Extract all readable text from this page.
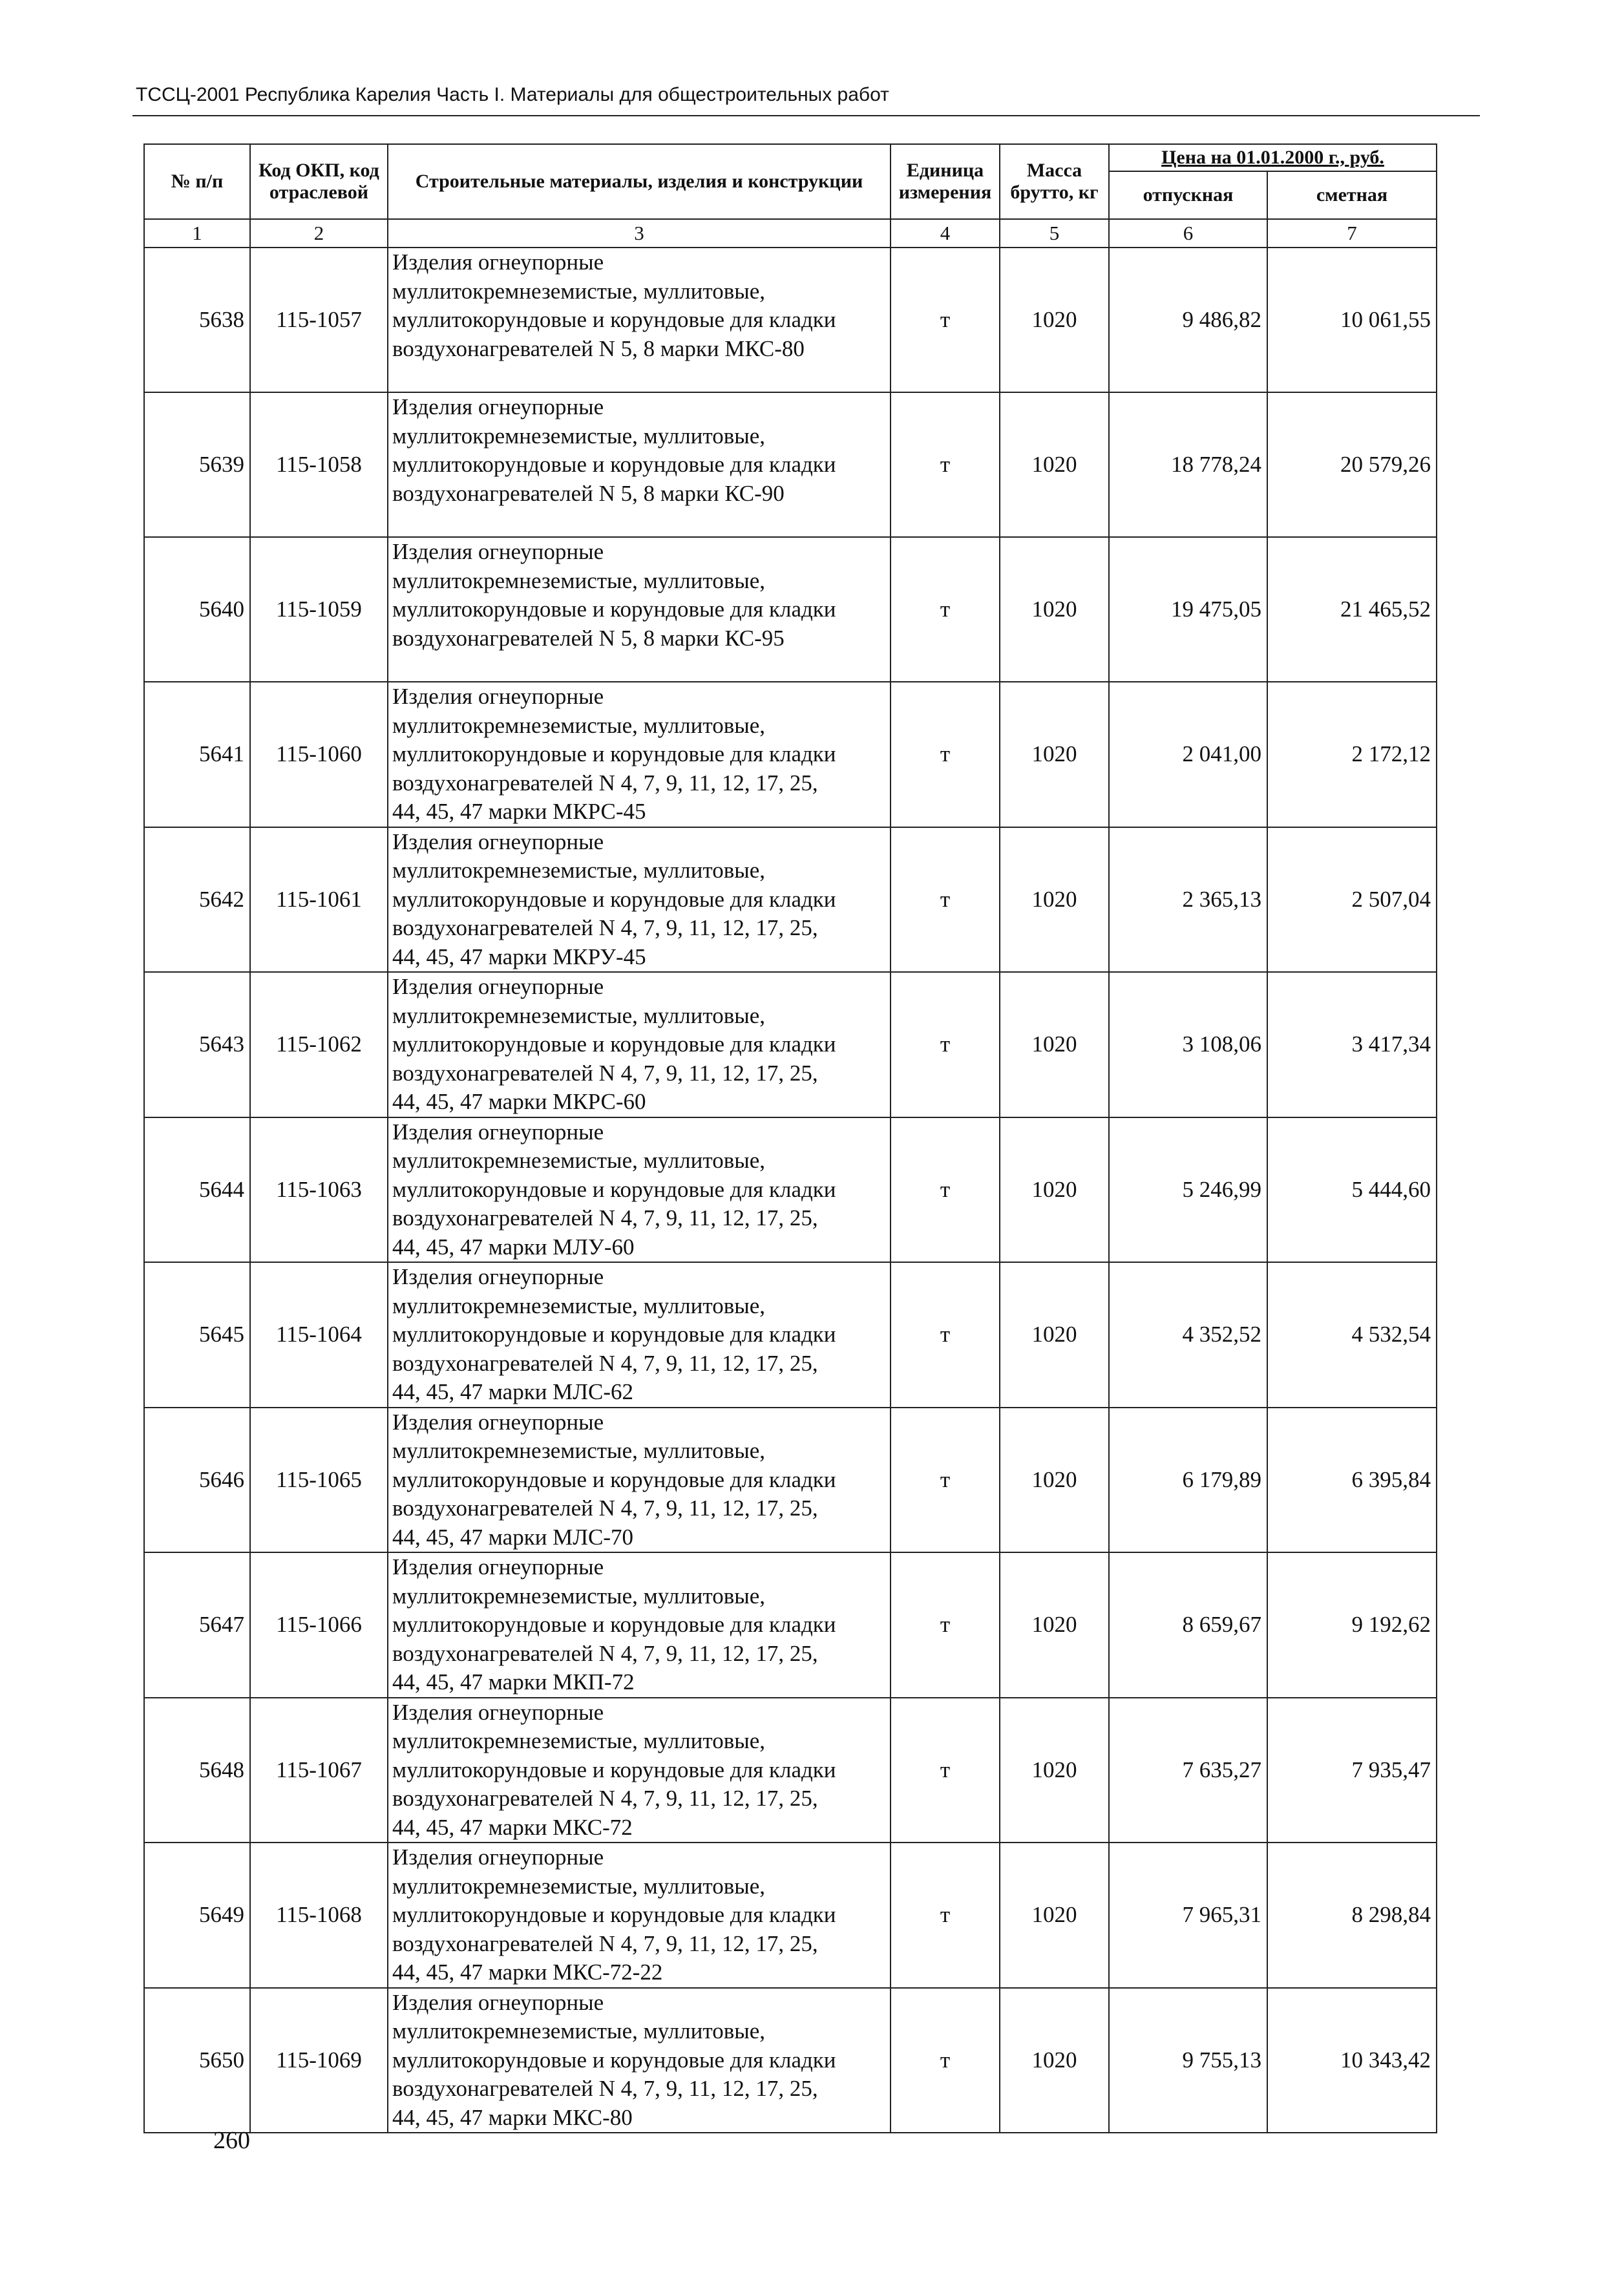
ТССЦ-2001 Республика Карелия Часть I. Материалы для общестроительных работ
№ п/п	Код ОКП, код отраслевой	Строительные материалы, изделия и конструкции	Единица измерения	Масса брутто, кг	Цена на 01.01.2000 г., руб.	
					отпускная	сметная
1	2	3	4	5	6	7
5638	115-1057	Изделия огнеупорные
муллитокремнеземистые, муллитовые,
муллитокорундовые и корундовые для кладки
воздухонагревателей N 5, 8 марки МКС-80	т	1020	9 486,82	10 061,55
5639	115-1058	Изделия огнеупорные
муллитокремнеземистые, муллитовые,
муллитокорундовые и корундовые для кладки
воздухонагревателей N 5, 8 марки КС-90	т	1020	18 778,24	20 579,26
5640	115-1059	Изделия огнеупорные
муллитокремнеземистые, муллитовые,
муллитокорундовые и корундовые для кладки
воздухонагревателей N 5, 8 марки КС-95	т	1020	19 475,05	21 465,52
5641	115-1060	Изделия огнеупорные
муллитокремнеземистые, муллитовые,
муллитокорундовые и корундовые для кладки
воздухонагревателей N 4, 7, 9, 11, 12, 17, 25,
44, 45, 47 марки МКРС-45	т	1020	2 041,00	2 172,12
5642	115-1061	Изделия огнеупорные
муллитокремнеземистые, муллитовые,
муллитокорундовые и корундовые для кладки
воздухонагревателей N 4, 7, 9, 11, 12, 17, 25,
44, 45, 47 марки МКРУ-45	т	1020	2 365,13	2 507,04
5643	115-1062	Изделия огнеупорные
муллитокремнеземистые, муллитовые,
муллитокорундовые и корундовые для кладки
воздухонагревателей N 4, 7, 9, 11, 12, 17, 25,
44, 45, 47 марки МКРС-60	т	1020	3 108,06	3 417,34
5644	115-1063	Изделия огнеупорные
муллитокремнеземистые, муллитовые,
муллитокорундовые и корундовые для кладки
воздухонагревателей N 4, 7, 9, 11, 12, 17, 25,
44, 45, 47 марки МЛУ-60	т	1020	5 246,99	5 444,60
5645	115-1064	Изделия огнеупорные
муллитокремнеземистые, муллитовые,
муллитокорундовые и корундовые для кладки
воздухонагревателей N 4, 7, 9, 11, 12, 17, 25,
44, 45, 47 марки МЛС-62	т	1020	4 352,52	4 532,54
5646	115-1065	Изделия огнеупорные
муллитокремнеземистые, муллитовые,
муллитокорундовые и корундовые для кладки
воздухонагревателей N 4, 7, 9, 11, 12, 17, 25,
44, 45, 47 марки МЛС-70	т	1020	6 179,89	6 395,84
5647	115-1066	Изделия огнеупорные
муллитокремнеземистые, муллитовые,
муллитокорундовые и корундовые для кладки
воздухонагревателей N 4, 7, 9, 11, 12, 17, 25,
44, 45, 47 марки МКП-72	т	1020	8 659,67	9 192,62
5648	115-1067	Изделия огнеупорные
муллитокремнеземистые, муллитовые,
муллитокорундовые и корундовые для кладки
воздухонагревателей N 4, 7, 9, 11, 12, 17, 25,
44, 45, 47 марки МКС-72	т	1020	7 635,27	7 935,47
5649	115-1068	Изделия огнеупорные
муллитокремнеземистые, муллитовые,
муллитокорундовые и корундовые для кладки
воздухонагревателей N 4, 7, 9, 11, 12, 17, 25,
44, 45, 47 марки МКС-72-22	т	1020	7 965,31	8 298,84
5650	115-1069	Изделия огнеупорные
муллитокремнеземистые, муллитовые,
муллитокорундовые и корундовые для кладки
воздухонагревателей N 4, 7, 9, 11, 12, 17, 25,
44, 45, 47 марки МКС-80	т	1020	9 755,13	10 343,42
260
